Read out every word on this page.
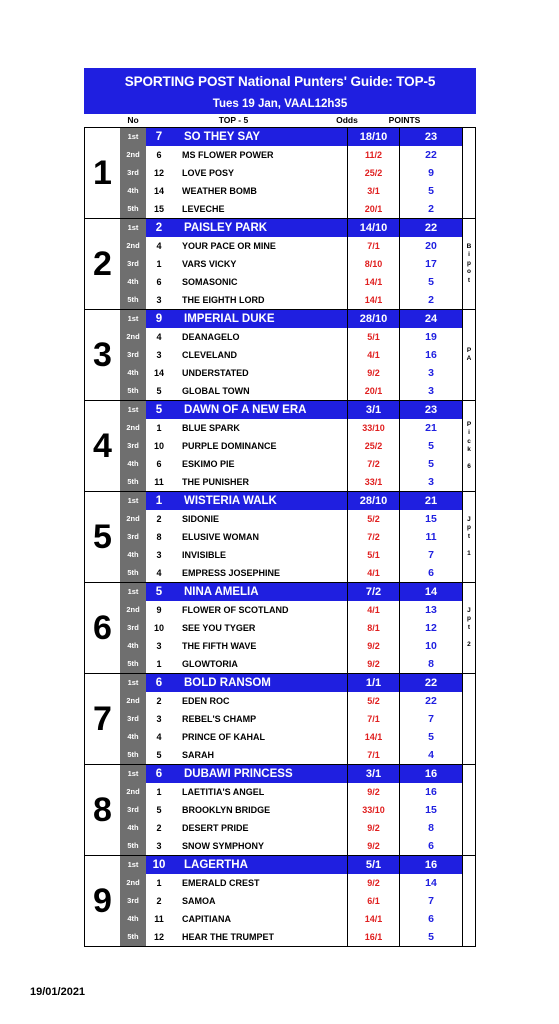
SPORTING POST National Punters' Guide: TOP-5
Tues 19 Jan, VAAL12h35
No	TOP - 5	Odds	POINTS
1
1st	7	SO THEY SAY	18/10	23
2nd	6	MS FLOWER POWER	11/2	22
3rd	12	LOVE POSY	25/2	9
4th	14	WEATHER BOMB	3/1	5
5th	15	LEVECHE	20/1	2
2
1st	2	PAISLEY PARK	14/10	22
2nd	4	YOUR PACE OR MINE	7/1	20
3rd	1	VARS VICKY	8/10	17
4th	6	SOMASONIC	14/1	5
5th	3	THE EIGHTH LORD	14/1	2
B
i
p
o
t
3
1st	9	IMPERIAL DUKE	28/10	24
2nd	4	DEANAGELO	5/1	19
3rd	3	CLEVELAND	4/1	16
4th	14	UNDERSTATED	9/2	3
5th	5	GLOBAL TOWN	20/1	3
P
A
4
1st	5	DAWN OF A NEW ERA	3/1	23
2nd	1	BLUE SPARK	33/10	21
3rd	10	PURPLE DOMINANCE	25/2	5
4th	6	ESKIMO PIE	7/2	5
5th	11	THE PUNISHER	33/1	3
P
i
c
k

6
5
1st	1	WISTERIA WALK	28/10	21
2nd	2	SIDONIE	5/2	15
3rd	8	ELUSIVE WOMAN	7/2	11
4th	3	INVISIBLE	5/1	7
5th	4	EMPRESS JOSEPHINE	4/1	6
J
p
t

1
6
1st	5	NINA AMELIA	7/2	14
2nd	9	FLOWER OF SCOTLAND	4/1	13
3rd	10	SEE YOU TYGER	8/1	12
4th	3	THE FIFTH WAVE	9/2	10
5th	1	GLOWTORIA	9/2	8
J
p
t

2
7
1st	6	BOLD RANSOM	1/1	22
2nd	2	EDEN ROC	5/2	22
3rd	3	REBEL'S CHAMP	7/1	7
4th	4	PRINCE OF KAHAL	14/1	5
5th	5	SARAH	7/1	4
8
1st	6	DUBAWI PRINCESS	3/1	16
2nd	1	LAETITIA'S ANGEL	9/2	16
3rd	5	BROOKLYN BRIDGE	33/10	15
4th	2	DESERT PRIDE	9/2	8
5th	3	SNOW SYMPHONY	9/2	6
9
1st	10	LAGERTHA	5/1	16
2nd	1	EMERALD CREST	9/2	14
3rd	2	SAMOA	6/1	7
4th	11	CAPITIANA	14/1	6
5th	12	HEAR THE TRUMPET	16/1	5
19/01/2021
